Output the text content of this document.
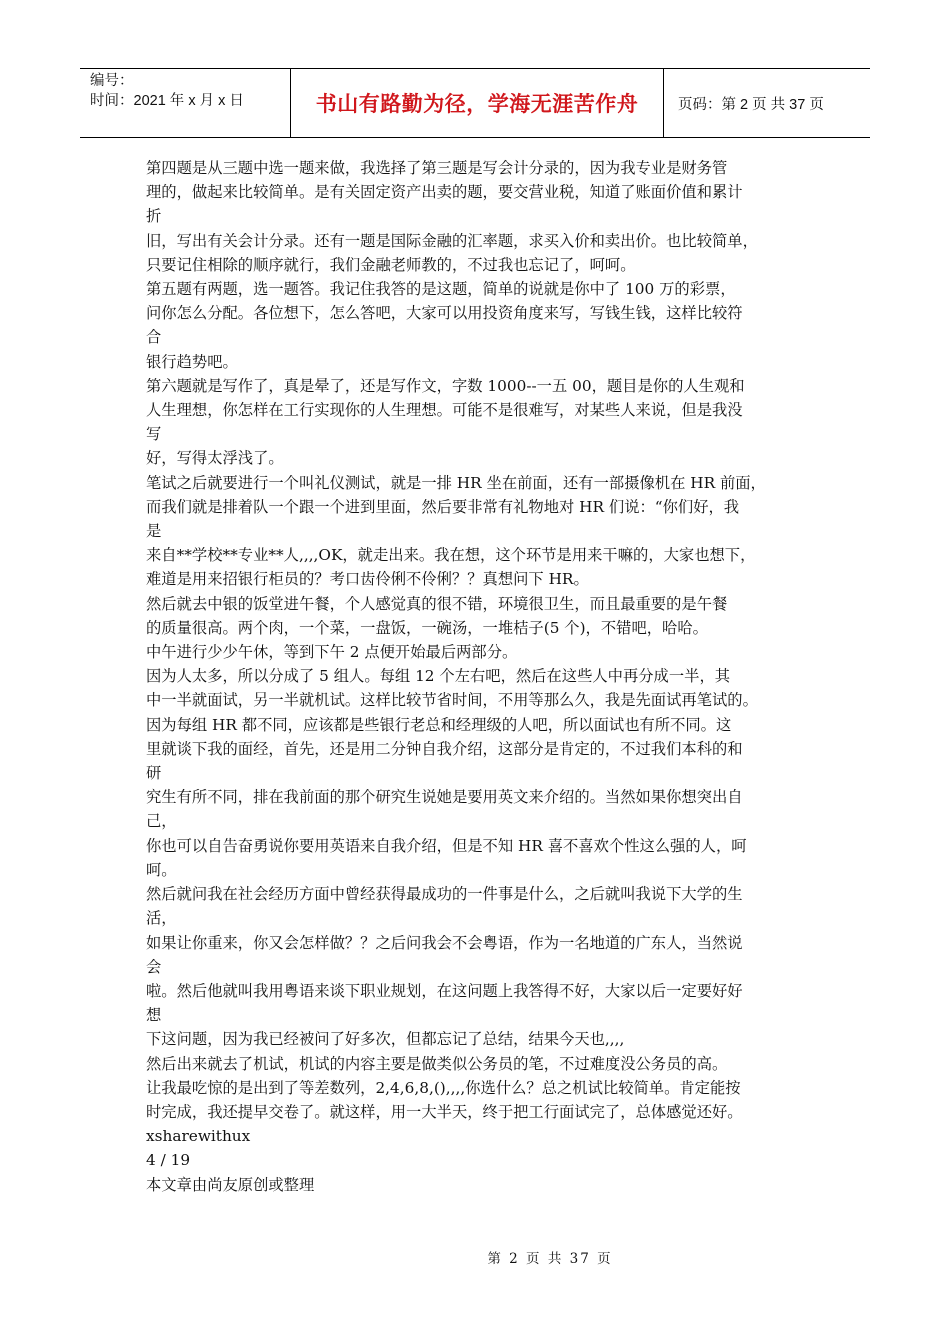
编号：
时间：2021 年 x 月 x 日	书山有路勤为径，学海无涯苦作舟	页码：第 2 页 共 37 页

第四题是从三题中选一题来做，我选择了第三题是写会计分录的，因为我专业是财务管

理的，做起来比较简单。是有关固定资产出卖的题，要交营业税，知道了账面价值和累计

折

旧，写出有关会计分录。还有一题是国际金融的汇率题，求买入价和卖出价。也比较简单，

只要记住相除的顺序就行，我们金融老师教的，不过我也忘记了，呵呵。

第五题有两题，选一题答。我记住我答的是这题，简单的说就是你中了 100 万的彩票，

问你怎么分配。各位想下，怎么答吧，大家可以用投资角度来写，写钱生钱，这样比较符

合

银行趋势吧。

第六题就是写作了，真是晕了，还是写作文，字数 1000--一五 00，题目是你的人生观和

人生理想，你怎样在工行实现你的人生理想。可能不是很难写，对某些人来说，但是我没

写

好，写得太浮浅了。

笔试之后就要进行一个叫礼仪测试，就是一排 HR 坐在前面，还有一部摄像机在 HR 前面，

而我们就是排着队一个跟一个进到里面，然后要非常有礼物地对 HR 们说：“你们好，我

是

来自**学校**专业**人,,,,OK，就走出来。我在想，这个环节是用来干嘛的，大家也想下，

难道是用来招银行柜员的？考口齿伶俐不伶俐？？真想问下 HR。

然后就去中银的饭堂进午餐，个人感觉真的很不错，环境很卫生，而且最重要的是午餐

的质量很高。两个肉，一个菜，一盘饭，一碗汤，一堆桔子(5 个)，不错吧，哈哈。

中午进行少少午休，等到下午 2 点便开始最后两部分。

因为人太多，所以分成了 5 组人。每组 12 个左右吧，然后在这些人中再分成一半，其

中一半就面试，另一半就机试。这样比较节省时间，不用等那么久，我是先面试再笔试的。

因为每组 HR 都不同，应该都是些银行老总和经理级的人吧，所以面试也有所不同。这

里就谈下我的面经，首先，还是用二分钟自我介绍，这部分是肯定的，不过我们本科的和

研

究生有所不同，排在我前面的那个研究生说她是要用英文来介绍的。当然如果你想突出自

己，

你也可以自告奋勇说你要用英语来自我介绍，但是不知 HR 喜不喜欢个性这么强的人，呵

呵。

然后就问我在社会经历方面中曾经获得最成功的一件事是什么，之后就叫我说下大学的生

活，

如果让你重来，你又会怎样做？？之后问我会不会粤语，作为一名地道的广东人，当然说

会

啦。然后他就叫我用粤语来谈下职业规划，在这问题上我答得不好，大家以后一定要好好

想

下这问题，因为我已经被问了好多次，但都忘记了总结，结果今天也,,,,

然后出来就去了机试，机试的内容主要是做类似公务员的笔，不过难度没公务员的高。

让我最吃惊的是出到了等差数列，2,4,6,8,(),,,,你选什么？总之机试比较简单。肯定能按

时完成，我还提早交卷了。就这样，用一大半天，终于把工行面试完了，总体感觉还好。

xsharewithux

4 / 19

本文章由尚友原创或整理

第 2 页 共 37 页
